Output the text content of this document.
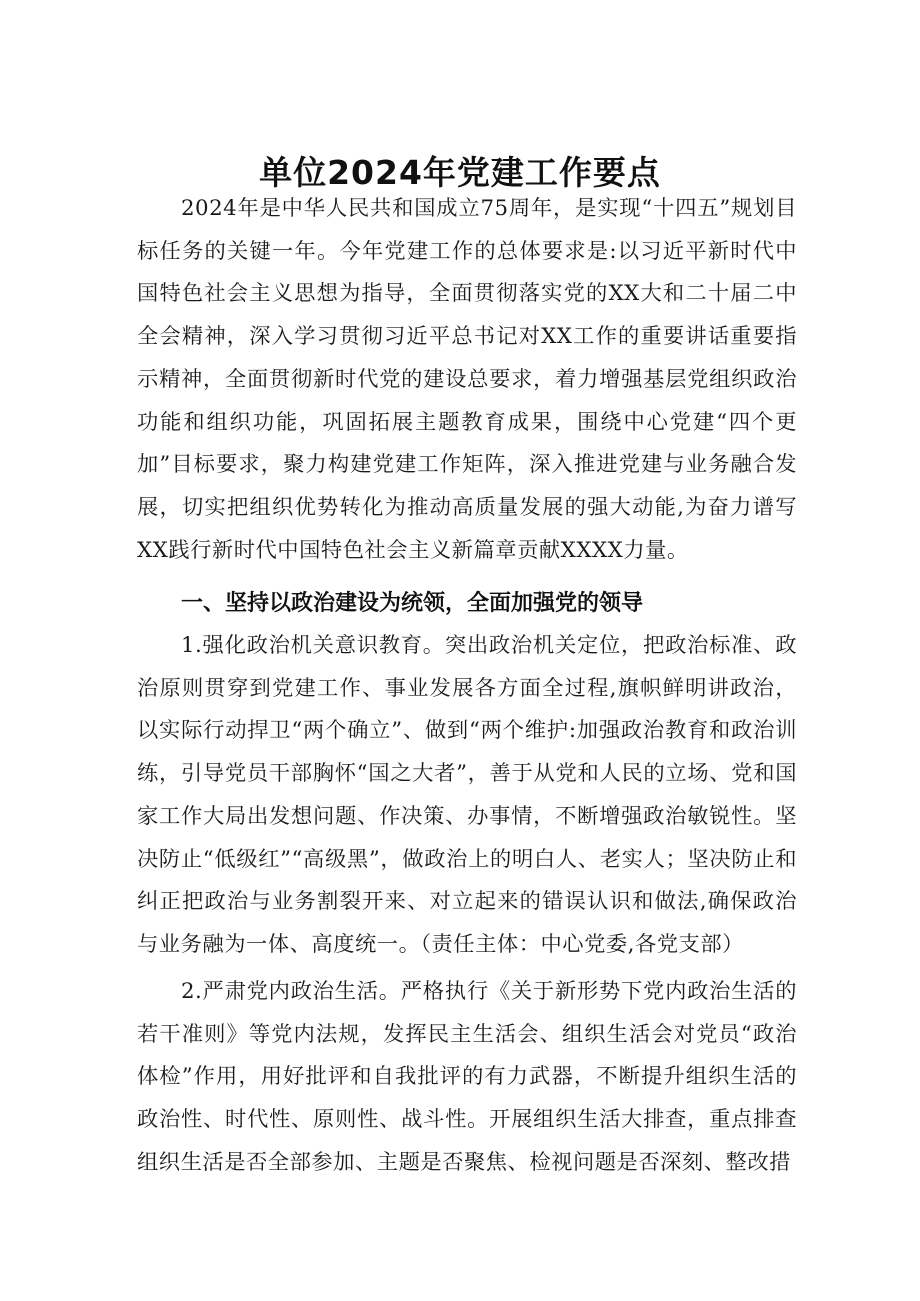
单位2024年党建工作要点

2024年是中华人民共和国成立75周年，是实现“十四五”规划目标任务的关键一年。今年党建工作的总体要求是:以习近平新时代中国特色社会主义思想为指导，全面贯彻落实党的XX大和二十届二中全会精神，深入学习贯彻习近平总书记对XX工作的重要讲话重要指示精神，全面贯彻新时代党的建设总要求，着力增强基层党组织政治功能和组织功能，巩固拓展主题教育成果，围绕中心党建“四个更加”目标要求，聚力构建党建工作矩阵，深入推进党建与业务融合发展，切实把组织优势转化为推动高质量发展的强大动能,为奋力谱写XX践行新时代中国特色社会主义新篇章贡献XXXX力量。

一、坚持以政治建设为统领，全面加强党的领导

1.强化政治机关意识教育。突出政治机关定位，把政治标准、政治原则贯穿到党建工作、事业发展各方面全过程,旗帜鲜明讲政治，以实际行动捍卫“两个确立”、做到“两个维护:加强政治教育和政治训练，引导党员干部胸怀“国之大者”，善于从党和人民的立场、党和国家工作大局出发想问题、作决策、办事情，不断增强政治敏锐性。坚决防止“低级红”“高级黑”，做政治上的明白人、老实人；坚决防止和纠正把政治与业务割裂开来、对立起来的错误认识和做法,确保政治与业务融为一体、高度统一。（责任主体：中心党委,各党支部）

2.严肃党内政治生活。严格执行《关于新形势下党内政治生活的若干准则》等党内法规，发挥民主生活会、组织生活会对党员“政治体检”作用，用好批评和自我批评的有力武器，不断提升组织生活的政治性、时代性、原则性、战斗性。开展组织生活大排查，重点排查组织生活是否全部参加、主题是否聚焦、检视问题是否深刻、整改措
